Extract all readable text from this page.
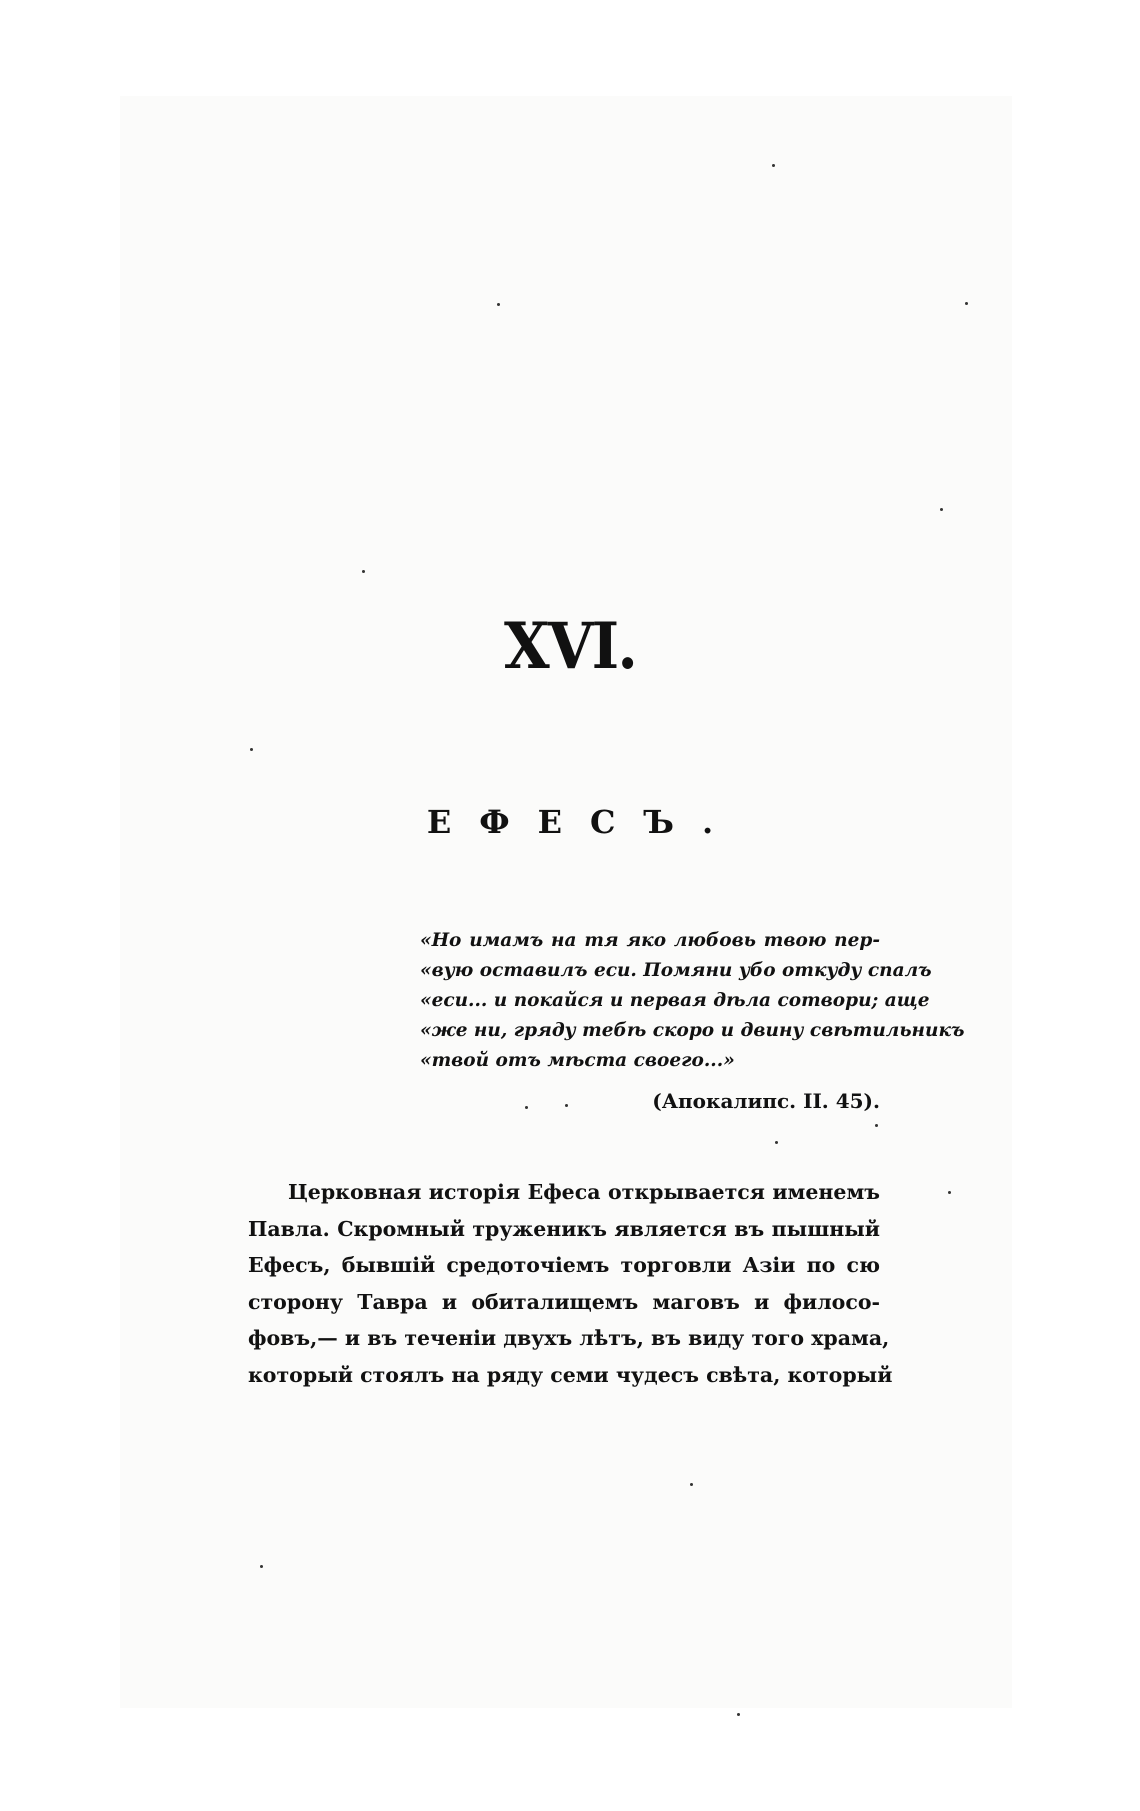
XVI.
ЕФЕСЪ.
«Но имамъ на тя яко любовь твою пер-
«вую оставилъ еси. Помяни убо откуду спалъ
«еси... и покайся и первая дѣла сотвори; аще
«же ни, гряду тебѣ скоро и двину свѣтильникъ
«твой отъ мѣста своего...»
(Апокалипс. II. 45).
Церковная исторія Ефеса открывается именемъ
Павла. Скромный труженикъ является въ пышный
Ефесъ, бывшій средоточіемъ торговли Азіи по сю
сторону Тавра и обиталищемъ маговъ и филосо-
фовъ,— и въ теченіи двухъ лѣтъ, въ виду того храма,
который стоялъ на ряду семи чудесъ свѣта, который
